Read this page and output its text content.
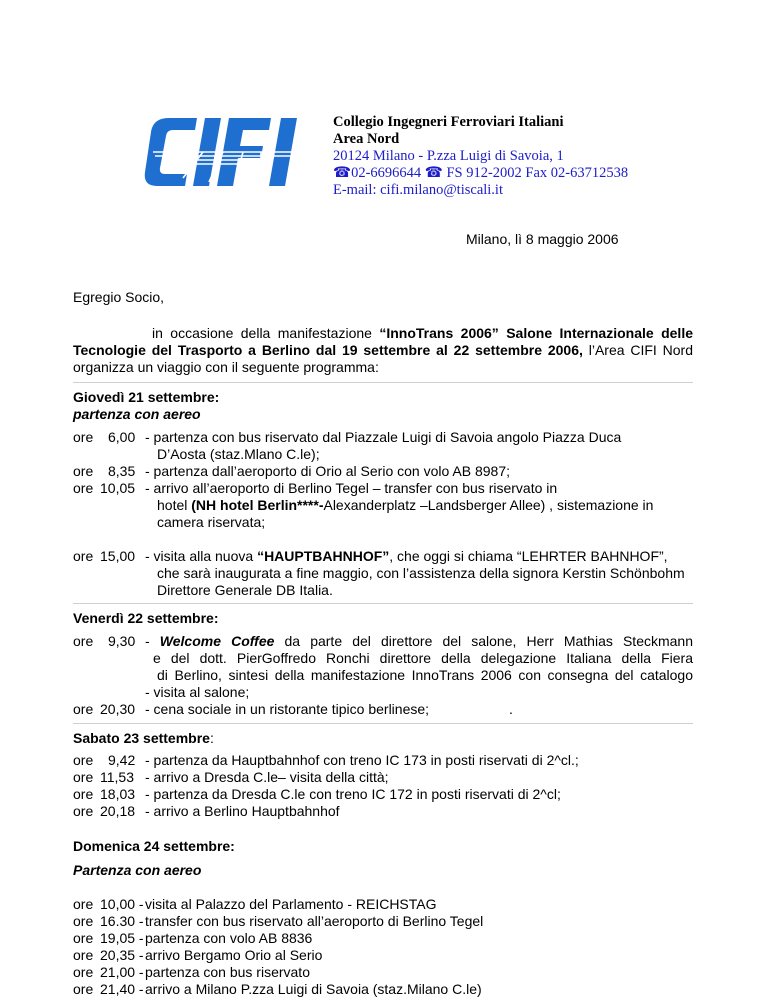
Collegio Ingegneri Ferroviari Italiani
Area Nord
20124 Milano - P.zza Luigi di Savoia, 1
☎02-6696644 ☎ FS 912-2002 Fax 02-63712538
E-mail: cifi.milano@tiscali.it
Milano, lì 8 maggio 2006
Egregio Socio,
in occasione della manifestazione “InnoTrans 2006” Salone Internazionale delle
Tecnologie del Trasporto a Berlino dal 19 settembre al 22 settembre 2006, l’Area CIFI Nord
organizza un viaggio con il seguente programma:
Giovedì 21 settembre:
partenza con aereo
ore 6,00 - partenza con bus riservato dal Piazzale Luigi di Savoia angolo Piazza Duca
D’Aosta (staz.Mlano C.le);
ore 8,35 - partenza dall’aeroporto di Orio al Serio con volo AB 8987;
ore 10,05 - arrivo all’aeroporto di Berlino Tegel – transfer con bus riservato in
hotel (NH hotel Berlin****-Alexanderplatz –Landsberger Allee) , sistemazione in
camera riservata;
ore 15,00 - visita alla nuova “HAUPTBAHNHOF”, che oggi si chiama “LEHRTER BAHNHOF”,
che sarà inaugurata a fine maggio, con l’assistenza della signora Kerstin Schönbohm
Direttore Generale DB Italia.
Venerdì 22 settembre:
ore 9,30 - Welcome Coffee da parte del direttore del salone, Herr Mathias Steckmann
e del dott. PierGoffredo Ronchi direttore della delegazione Italiana della Fiera
di Berlino, sintesi della manifestazione InnoTrans 2006 con consegna del catalogo
- visita al salone;
ore 20,30 - cena sociale in un ristorante tipico berlinese;	.
Sabato 23 settembre:
ore 9,42 - partenza da Hauptbahnhof con treno IC 173 in posti riservati di 2^cl.;
ore 11,53 - arrivo a Dresda C.le– visita della città;
ore 18,03 - partenza da Dresda C.le con treno IC 172 in posti riservati di 2^cl;
ore 20,18 - arrivo a Berlino Hauptbahnhof
Domenica 24 settembre:
Partenza con aereo
ore 10,00 - visita al Palazzo del Parlamento - REICHSTAG
ore 16.30 - transfer con bus riservato all’aeroporto di Berlino Tegel
ore 19,05 - partenza con volo AB 8836
ore 20,35 - arrivo Bergamo Orio al Serio
ore 21,00 - partenza con bus riservato
ore 21,40 - arrivo a Milano P.zza Luigi di Savoia (staz.Milano C.le)
